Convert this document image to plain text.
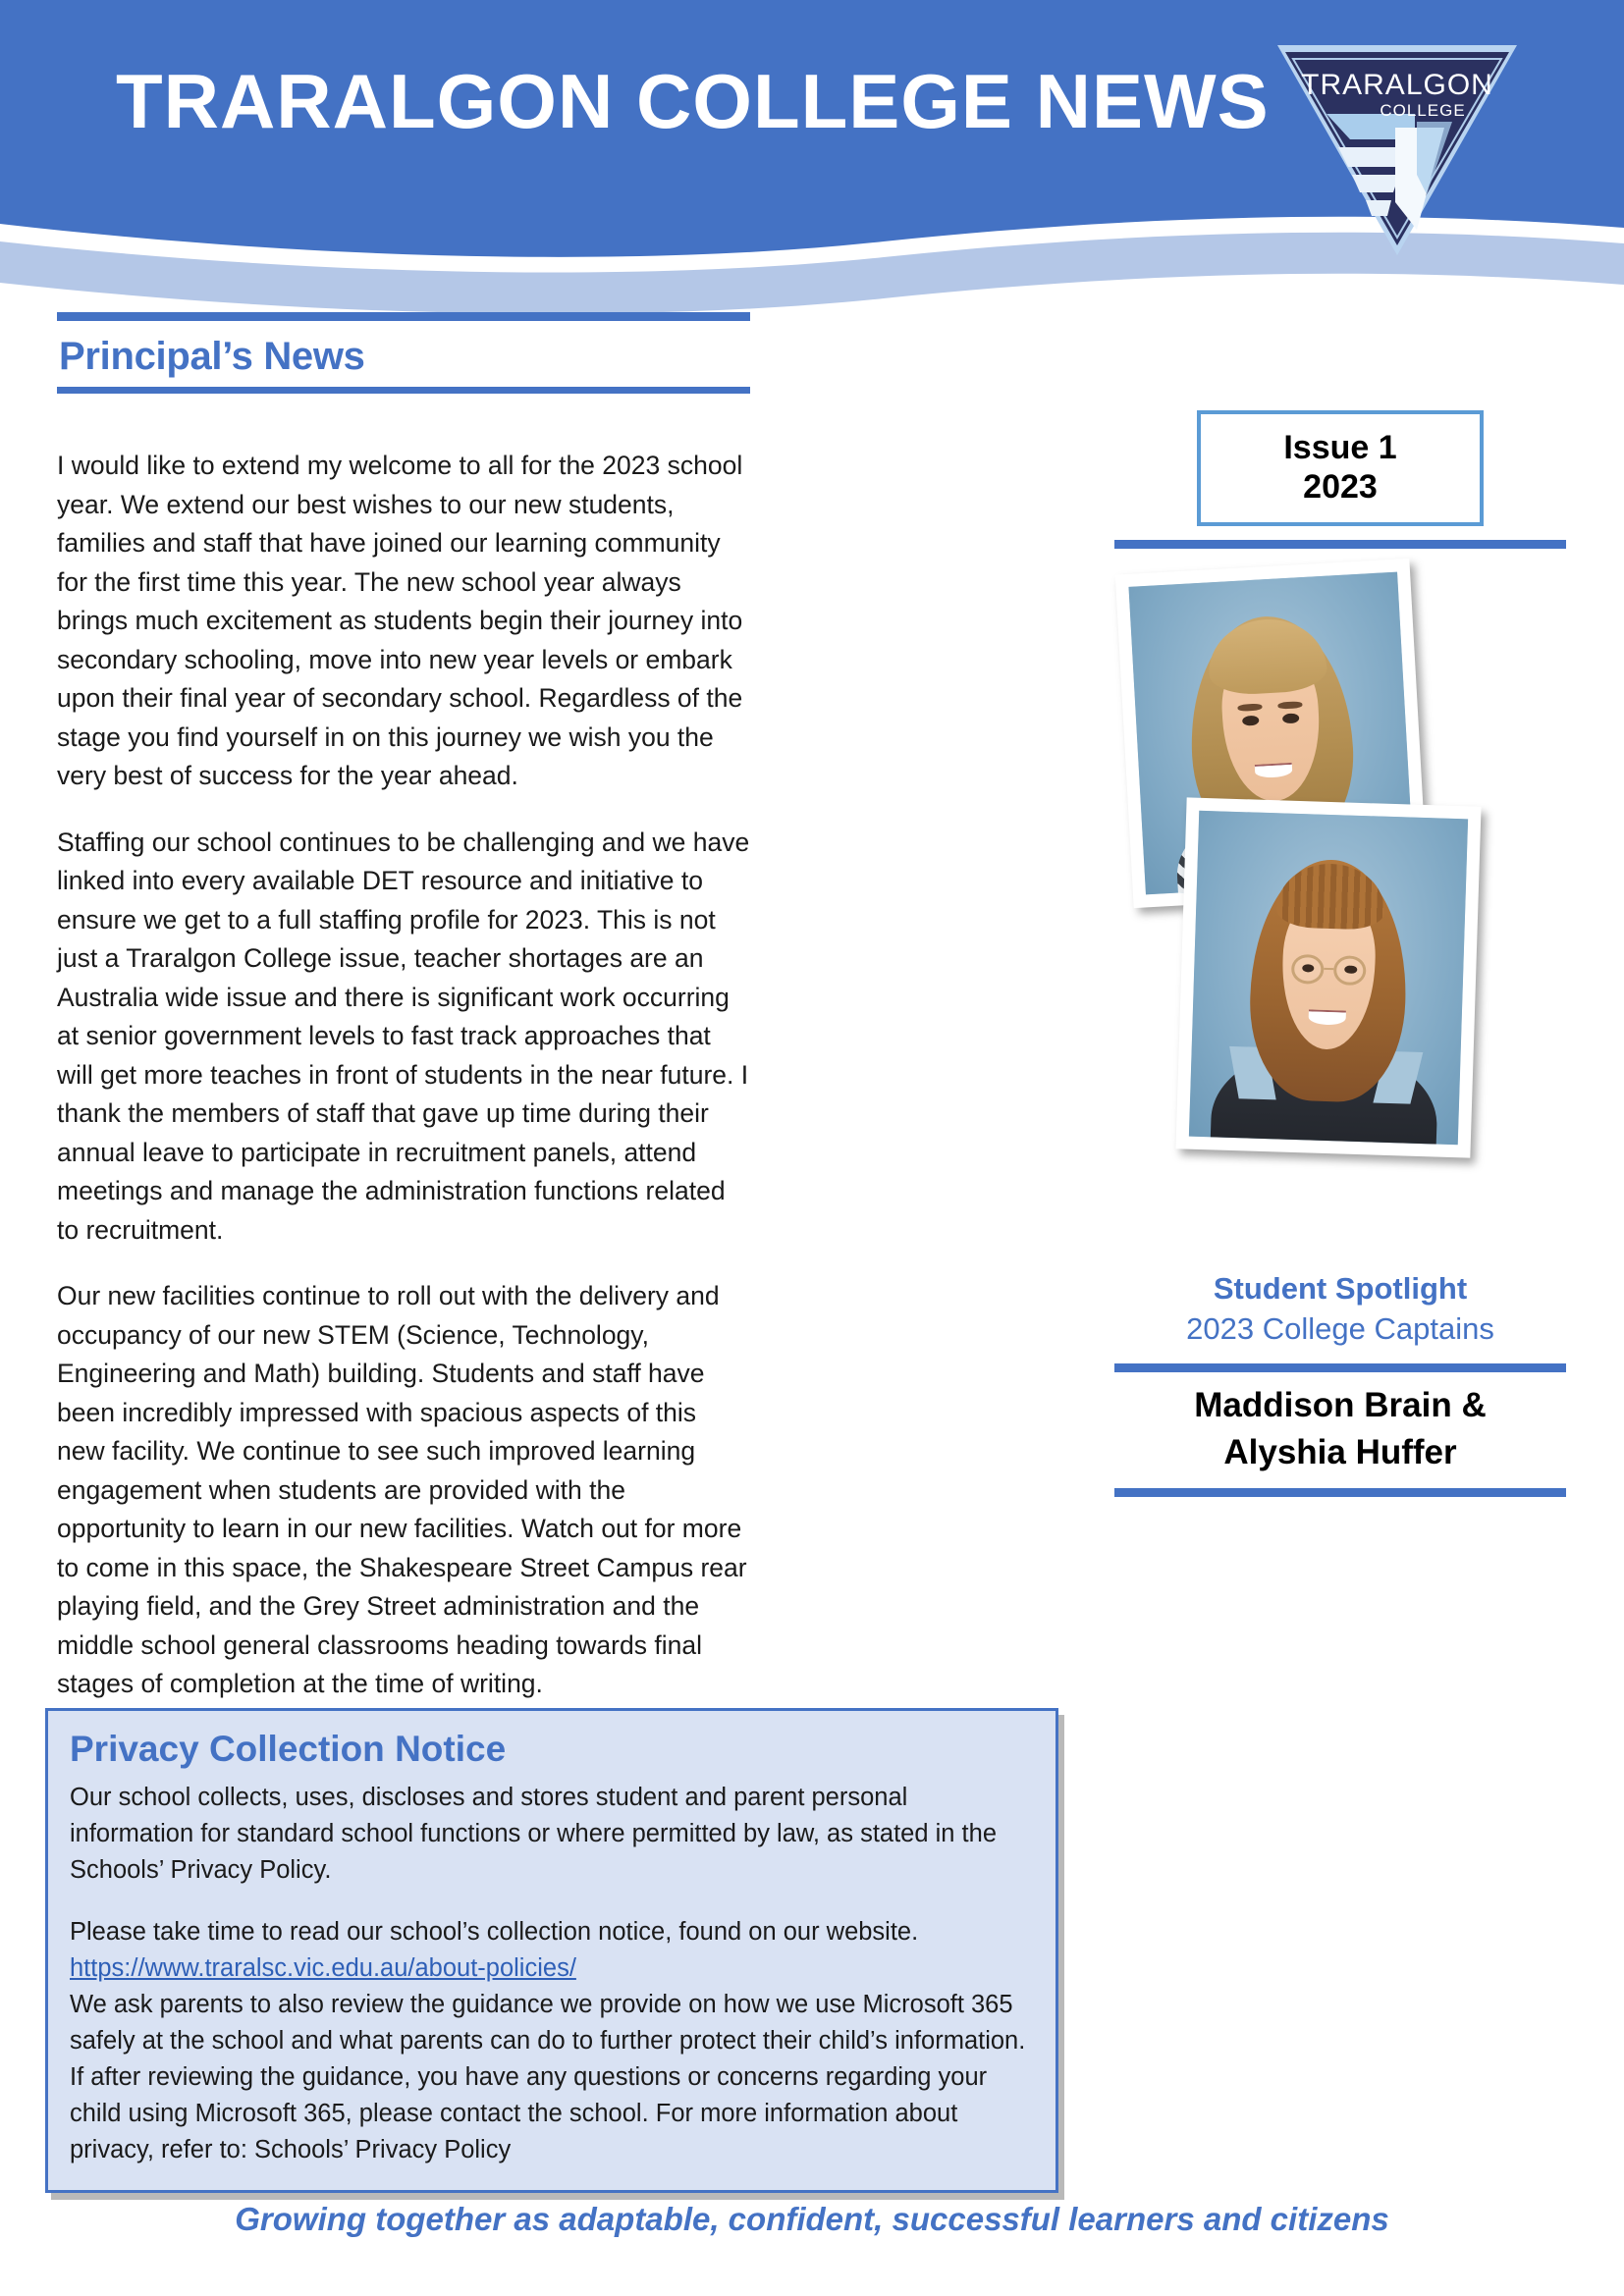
TRARALGON COLLEGE NEWS TRARALGON
COLLEGE
Principal’s News

I would like to extend my welcome to all for the 2023 school year. We extend our best wishes to our new students, families and staff that have joined our learning community for the first time this year. The new school year always brings much excitement as students begin their journey into secondary schooling, move into new year levels or embark upon their final year of secondary school. Regardless of the stage you find yourself in on this journey we wish you the very best of success for the year ahead.

Staffing our school continues to be challenging and we have linked into every available DET resource and initiative to ensure we get to a full staffing profile for 2023. This is not just a Traralgon College issue, teacher shortages are an Australia wide issue and there is significant work occurring at senior government levels to fast track approaches that will get more teaches in front of students in the near future. I thank the members of staff that gave up time during their annual leave to participate in recruitment panels, attend meetings and manage the administration functions related to recruitment.

Our new facilities continue to roll out with the delivery and occupancy of our new STEM (Science, Technology, Engineering and Math) building. Students and staff have been incredibly impressed with spacious aspects of this new facility. We continue to see such improved learning engagement when students are provided with the opportunity to learn in our new facilities. Watch out for more to come in this space, the Shakespeare Street Campus rear playing field, and the Grey Street administration and the middle school general classrooms heading towards final stages of completion at the time of writing.

Issue 1
2023
Student Spotlight
2023 College Captains
Maddison Brain &
Alyshia Huffer
Privacy Collection Notice

Our school collects, uses, discloses and stores student and parent personal information for standard school functions or where permitted by law, as stated in the Schools’ Privacy Policy.

Please take time to read our school’s collection notice, found on our website.

https://www.traralsc.vic.edu.au/about-policies/

We ask parents to also review the guidance we provide on how we use Microsoft 365 safely at the school and what parents can do to further protect their child’s information. If after reviewing the guidance, you have any questions or concerns regarding your child using Microsoft 365, please contact the school. For more information about privacy, refer to: Schools’ Privacy Policy

Growing together as adaptable, confident, successful learners and citizens
